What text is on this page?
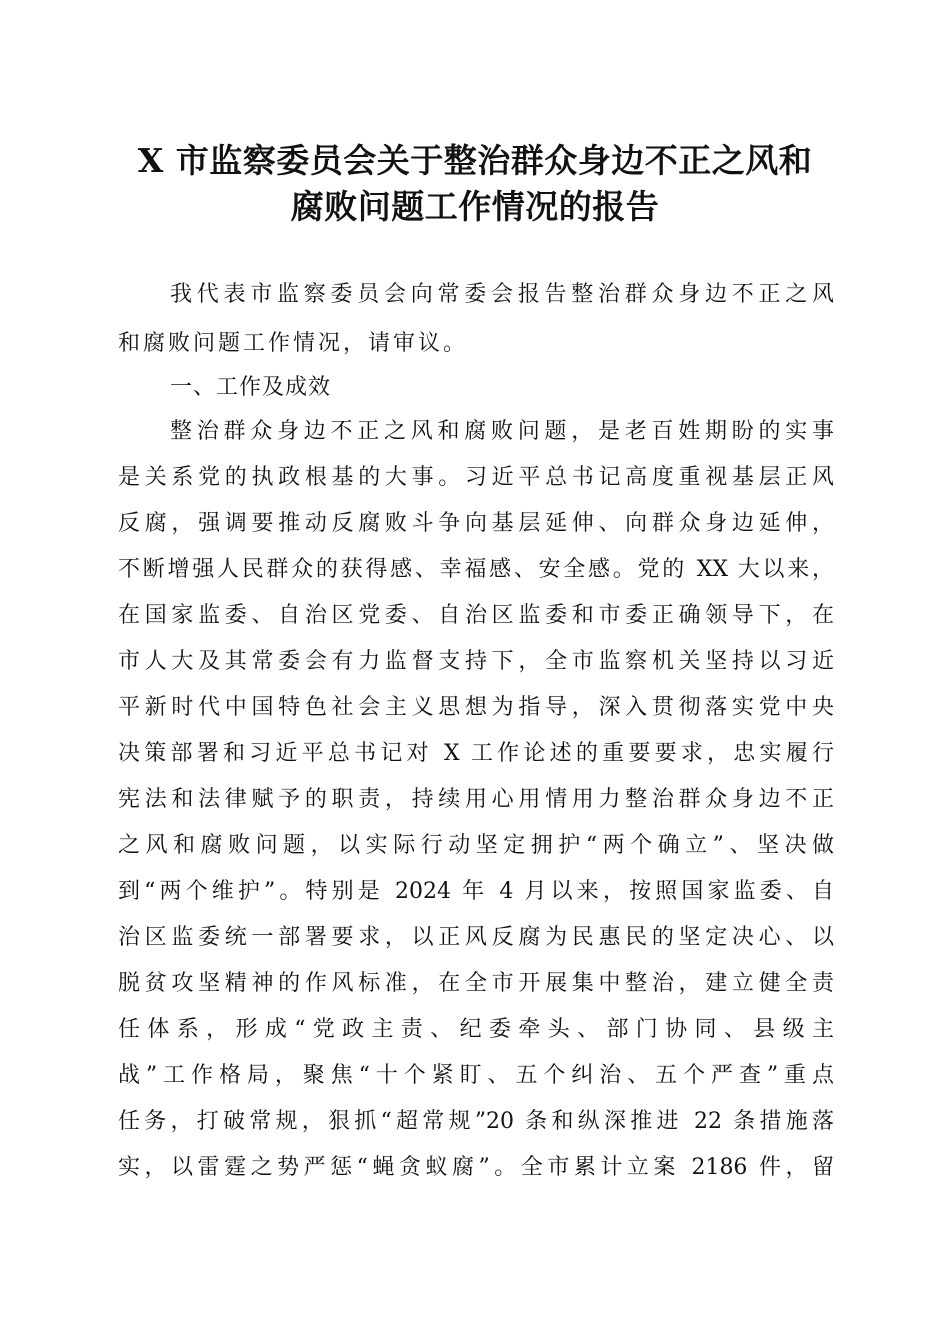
X 市监察委员会关于整治群众身边不正之风和
腐败问题工作情况的报告
我代表市监察委员会向常委会报告整治群众身边不正之风
和腐败问题工作情况，请审议。
一、工作及成效
整治群众身边不正之风和腐败问题，是老百姓期盼的实事
是关系党的执政根基的大事。习近平总书记高度重视基层正风
反腐，强调要推动反腐败斗争向基层延伸、向群众身边延伸，
不断增强人民群众的获得感、幸福感、安全感。党的 XX 大以来，
在国家监委、自治区党委、自治区监委和市委正确领导下，在
市人大及其常委会有力监督支持下，全市监察机关坚持以习近
平新时代中国特色社会主义思想为指导，深入贯彻落实党中央
决策部署和习近平总书记对 X 工作论述的重要要求，忠实履行
宪法和法律赋予的职责，持续用心用情用力整治群众身边不正
之风和腐败问题，以实际行动坚定拥护“两个确立”、坚决做
到“两个维护”。特别是 2024 年 4 月以来，按照国家监委、自
治区监委统一部署要求，以正风反腐为民惠民的坚定决心、以
脱贫攻坚精神的作风标准，在全市开展集中整治，建立健全责
任体系，形成“党政主责、纪委牵头、部门协同、县级主
战”工作格局，聚焦“十个紧盯、五个纠治、五个严查”重点
任务，打破常规，狠抓“超常规”20 条和纵深推进 22 条措施落
实，以雷霆之势严惩“蝇贪蚁腐”。全市累计立案 2186 件，留
